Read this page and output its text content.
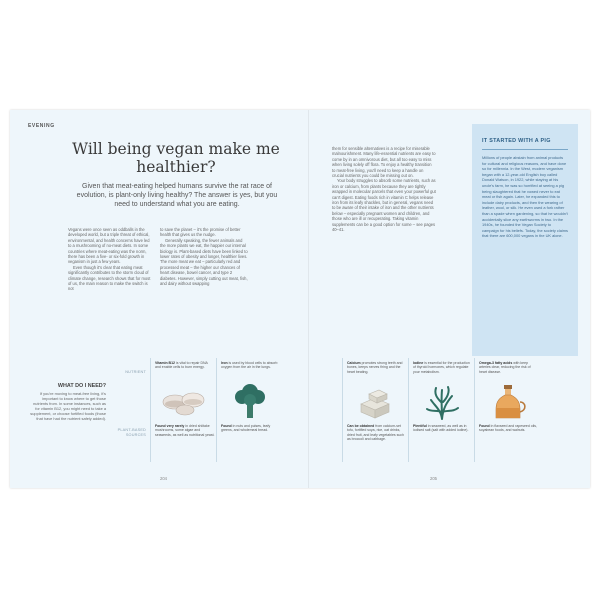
EVENING
Will being vegan make me healthier?
Given that meat-eating helped humans survive the rat race of evolution, is plant-only living healthy? The answer is yes, but you need to understand what you are eating.

Vegans were once seen as oddballs in the developed world, but a triple threat of ethical, environmental, and health concerns have led to a mushrooming of no-meat diets. In some countries where meat-eating was the norm, there has been a five- or six-fold growth in veganism in just a few years.

Even though it's clear that eating meat significantly contributes to the storm cloud of climate change, research shows that for most of us, the main reason to make the switch is not

to save the planet – it's the promise of better health that gives us the nudge.

Generally speaking, the fewer animals and the more plants we eat, the happier our internal biology is. Plant-based diets have been linked to lower rates of obesity and longer, healthier lives. The more meat we eat – particularly red and processed meat – the higher our chances of heart disease, bowel cancer, and type 2 diabetes. However, simply cutting out meat, fish, and dairy without swapping

them for sensible alternatives is a recipe for miserable malnourishment. Many life-essential nutrients are easy to come by in an omnivorous diet, but all too easy to miss when living solely off flora. To enjoy a healthy transition to meat-free living, you'll need to keep a handle on crucial nutrients you could be missing out on.

Your body struggles to absorb some nutrients, such as iron or calcium, from plants because they are tightly wrapped in molecular parcels that even your powerful gut can't digest. Eating foods rich in vitamin C helps release iron from its leafy shackles, but in general, vegans need to be aware of their intake of iron and the other nutrients below – especially pregnant women and children, and those who are ill or recuperating. Taking vitamin supplements can be a good option for some – see pages 40–41.

IT STARTED WITH A PIG

Millions of people abstain from animal products for cultural and religious reasons, and have done so for millennia. In the West, modern veganism began with a 12-year-old English boy called Donald Watson, in 1922, while staying at his uncle's farm, he was so horrified at seeing a pig being slaughtered that he vowed never to eat meat or fish again. Later, he expanded this to include dairy products, and then the wearing of leather, wool, or silk. He even used a fork rather than a spade when gardening, so that he wouldn't accidentally slice any earthworms in two. In the 1940s, he founded the Vegan Society to campaign for his beliefs. Today, the society claims that there are 600,000 vegans in the UK alone.

WHAT DO I NEED?

If you're moving to meat-free living, it's important to know where to get those nutrients from. In some instances, such as for vitamin B12, you might need to take a supplement, or choose fortified foods (those that have had the nutrient safely added).

NUTRIENT
PLANT-BASED SOURCES

Vitamin B12 is vital to repair DNA and enable cells to burn energy.

Found very rarely in dried shiitake mushrooms, some algae and seaweeds, as well as nutritional yeast.

Iron is used by blood cells to absorb oxygen from the air in the lungs.

Found in nuts and pulses, leafy greens, and wholemeal bread.

Calcium promotes strong teeth and bones, keeps nerves firing and the heart beating.

Can be obtained from calcium-set tofu, fortified soya, rice, oat drinks, dried fruit, and leafy vegetables such as broccoli and cabbage.

Iodine is essential for the production of thyroid hormones, which regulate your metabolism.

Plentiful in seaweed, as well as in iodised salt (salt with added iodine).

Omega-3 fatty acids with keep arteries clear, reducing the risk of heart disease.

Found in flaxseed and rapeseed oils, soyabean foods, and walnuts.

204	205
